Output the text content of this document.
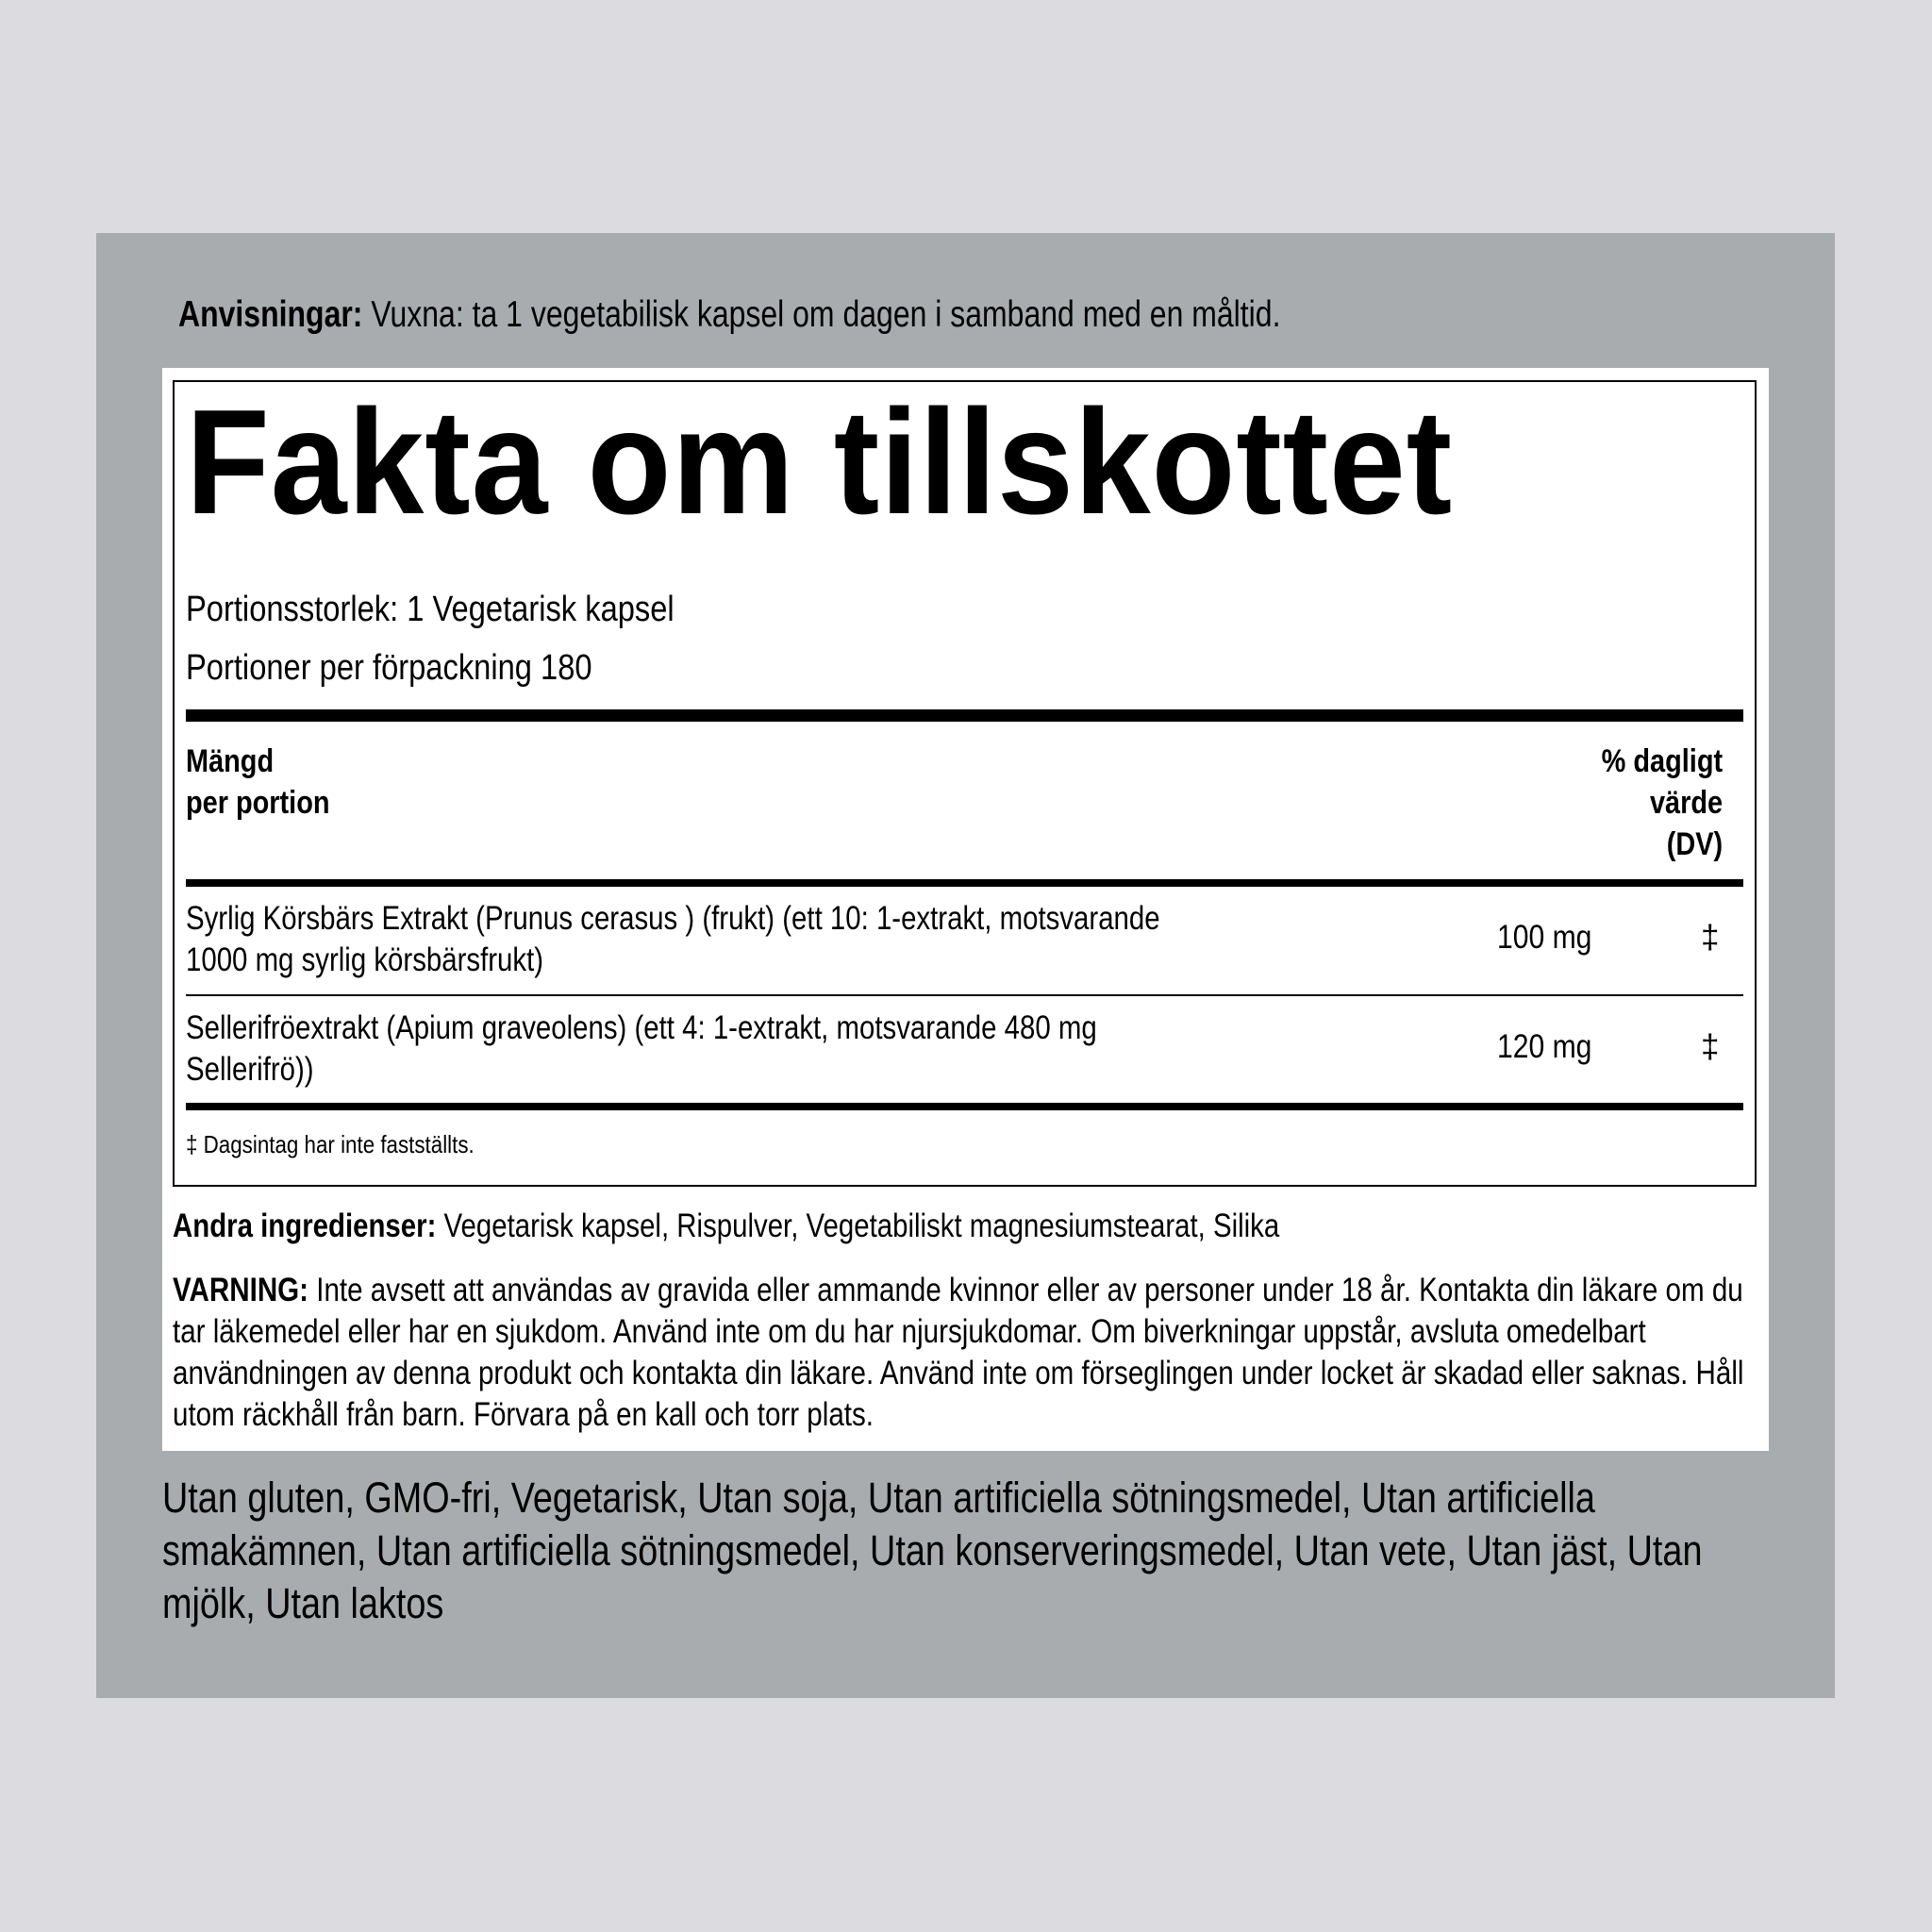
Anvisningar: Vuxna: ta 1 vegetabilisk kapsel om dagen i samband med en måltid.
Fakta om tillskottet
Portionsstorlek: 1 Vegetarisk kapsel
Portioner per förpackning 180
Mängd
per portion
% dagligt
värde
(DV)
Syrlig Körsbärs Extrakt (Prunus cerasus ) (frukt) (ett 10: 1-extrakt, motsvarande
1000 mg syrlig körsbärsfrukt)
100 mg	‡
Sellerifröextrakt (Apium graveolens) (ett 4: 1-extrakt, motsvarande 480 mg
Sellerifrö))
120 mg	‡
‡ Dagsintag har inte fastställts.
Andra ingredienser: Vegetarisk kapsel, Rispulver, Vegetabiliskt magnesiumstearat, Silika
VARNING: Inte avsett att användas av gravida eller ammande kvinnor eller av personer under 18 år. Kontakta din läkare om du tar läkemedel eller har en sjukdom. Använd inte om du har njursjukdomar. Om biverkningar uppstår, avsluta omedelbart användningen av denna produkt och kontakta din läkare. Använd inte om förseglingen under locket är skadad eller saknas. Håll utom räckhåll från barn. Förvara på en kall och torr plats.
Utan gluten, GMO-fri, Vegetarisk, Utan soja, Utan artificiella sötningsmedel, Utan artificiella smakämnen, Utan artificiella sötningsmedel, Utan konserveringsmedel, Utan vete, Utan jäst, Utan mjölk, Utan laktos
